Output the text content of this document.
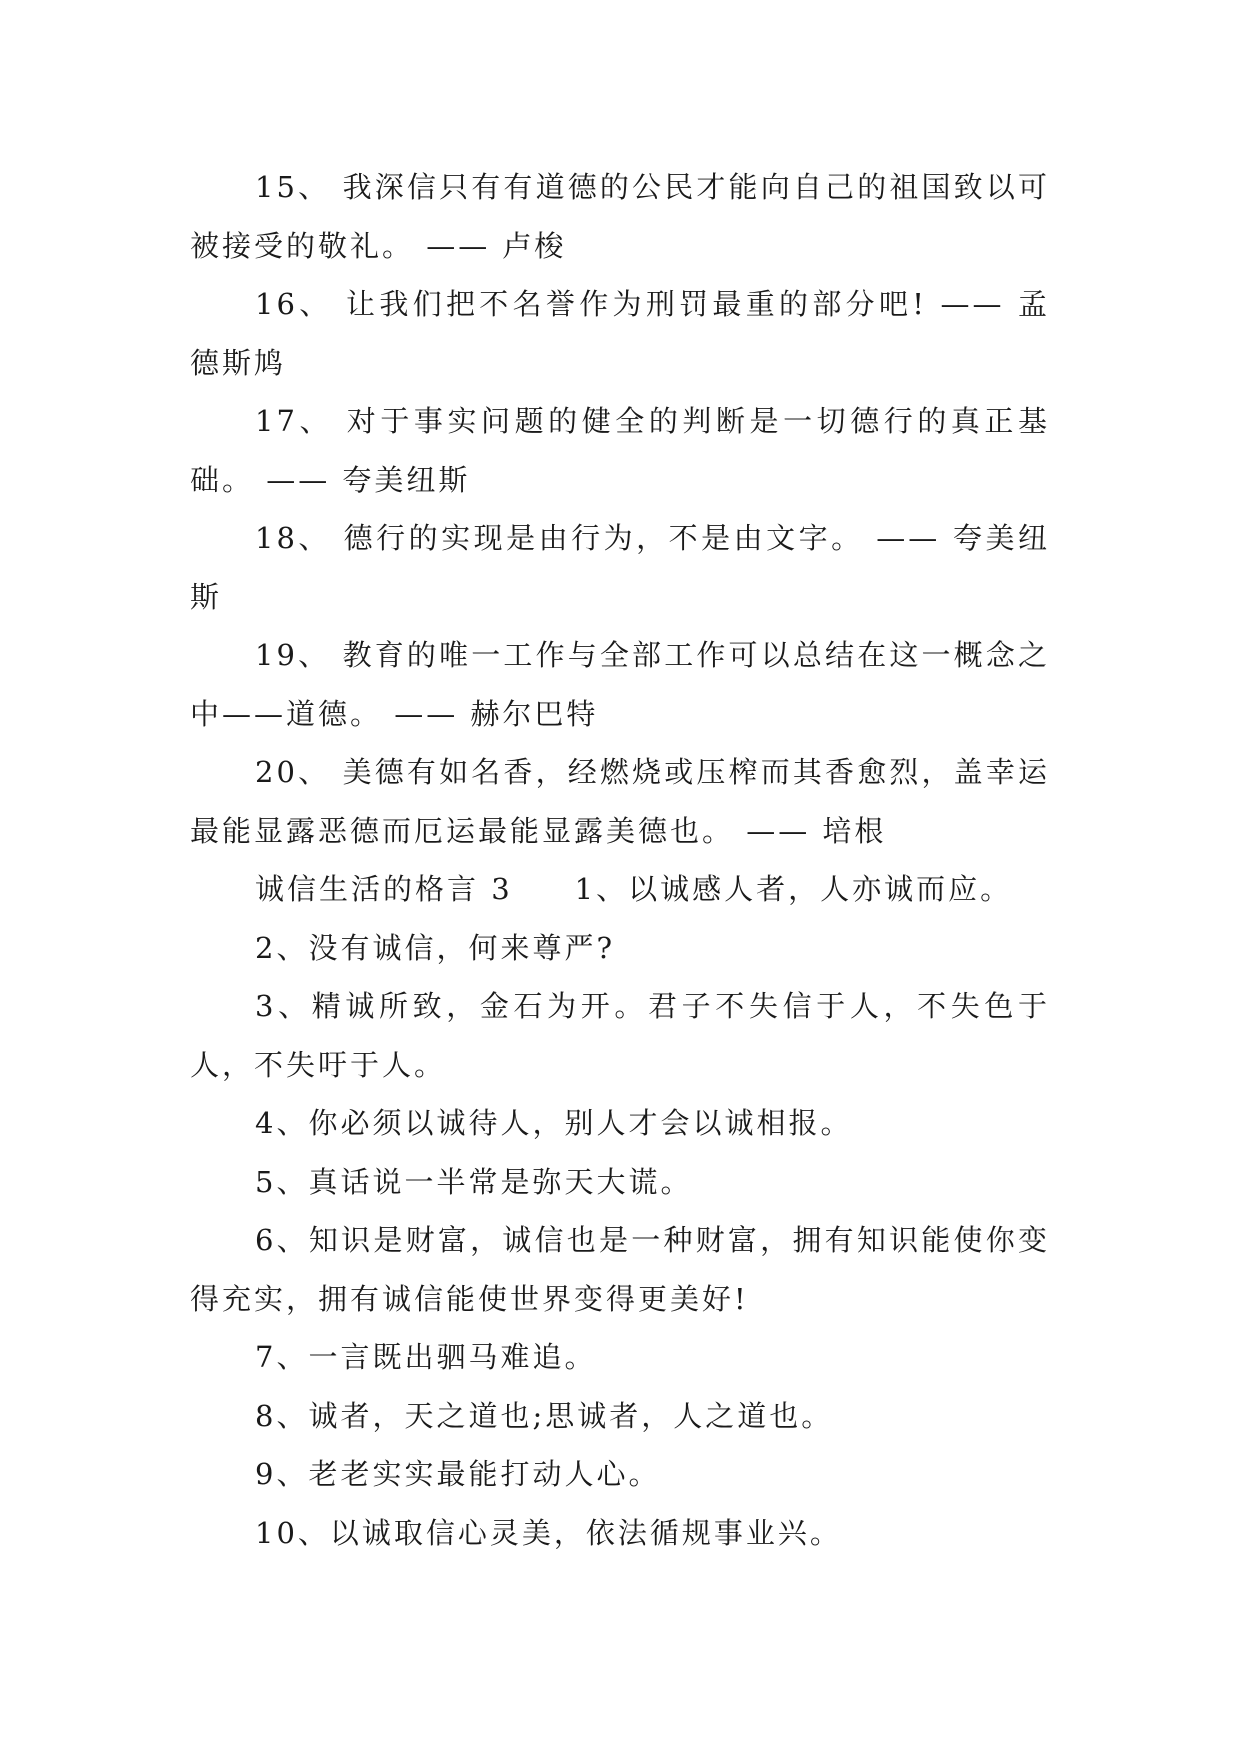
15、 我深信只有有道德的公民才能向自己的祖国致以可被接受的敬礼。 —— 卢梭

16、 让我们把不名誉作为刑罚最重的部分吧! —— 孟德斯鸠

17、 对于事实问题的健全的判断是一切德行的真正基础。 —— 夸美纽斯

18、 德行的实现是由行为，不是由文字。 —— 夸美纽斯

19、 教育的唯一工作与全部工作可以总结在这一概念之中——道德。 —— 赫尔巴特

20、 美德有如名香，经燃烧或压榨而其香愈烈，盖幸运最能显露恶德而厄运最能显露美德也。 —— 培根

诚信生活的格言 3 1、以诚感人者，人亦诚而应。

2、没有诚信，何来尊严?

3、精诚所致，金石为开。君子不失信于人，不失色于人，不失吁于人。

4、你必须以诚待人，别人才会以诚相报。

5、真话说一半常是弥天大谎。

6、知识是财富，诚信也是一种财富，拥有知识能使你变得充实，拥有诚信能使世界变得更美好!

7、一言既出驷马难追。

8、诚者，天之道也;思诚者，人之道也。

9、老老实实最能打动人心。

10、以诚取信心灵美，依法循规事业兴。
